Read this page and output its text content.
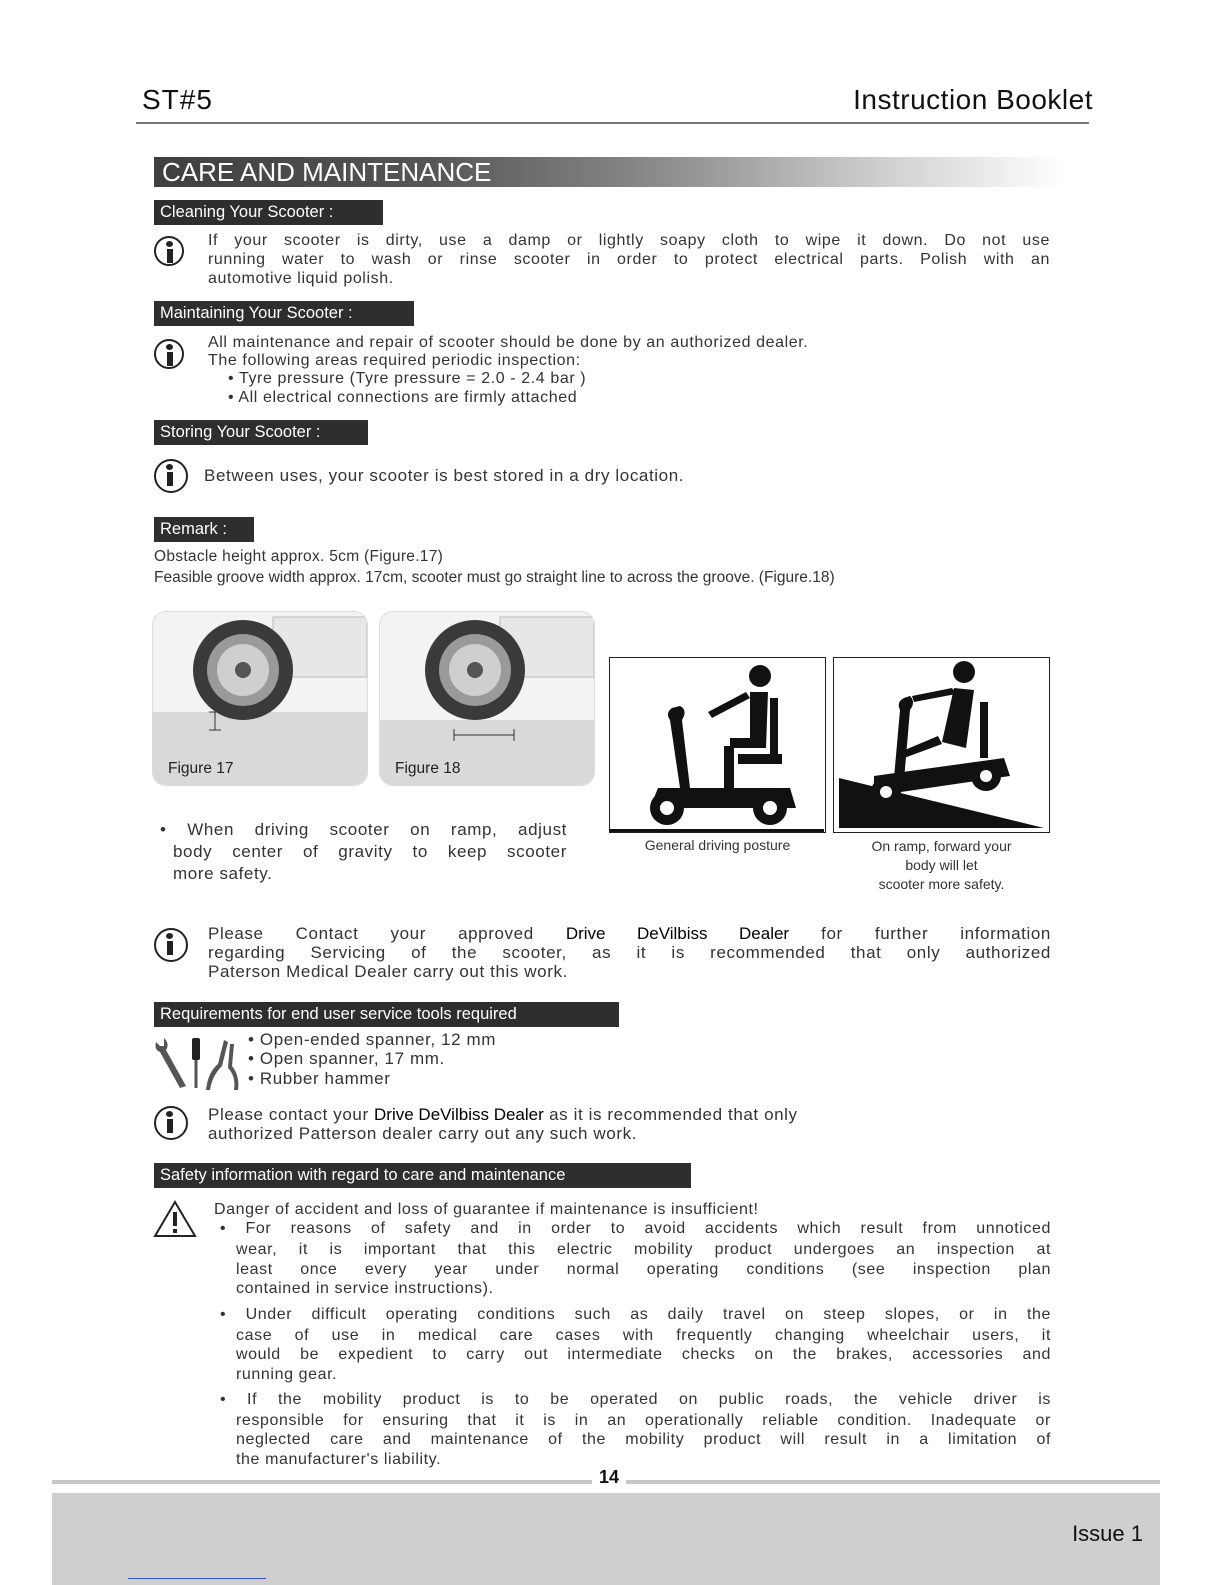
ST#5	Instruction Booklet
CARE AND MAINTENANCE
Cleaning Your Scooter :
If your scooter is dirty, use a damp or lightly soapy cloth to wipe it down. Do not use
running water to wash or rinse scooter in order to protect electrical parts. Polish with an
automotive liquid polish.
Maintaining Your Scooter :
All maintenance and repair of scooter should be done by an authorized dealer.
The following areas required periodic inspection:
• Tyre pressure (Tyre pressure = 2.0 - 2.4 bar )
• All electrical connections are firmly attached
Storing Your Scooter :
Between uses, your scooter is best stored in a dry location.
Remark :
Obstacle height approx. 5cm (Figure.17)
Feasible groove width approx. 17cm, scooter must go straight line to across the groove. (Figure.18)
Figure 17	Figure 18
General driving posture	On ramp, forward your
body will let
scooter more safety.
• When driving scooter on ramp, adjust
body center of gravity to keep scooter
more safety.
Please Contact your approved Drive DeVilbiss Dealer for further information
regarding Servicing of the scooter, as it is recommended that only authorized
Paterson Medical Dealer carry out this work.
Requirements for end user service tools required
• Open-ended spanner, 12 mm
• Open spanner, 17 mm.
• Rubber hammer
Please contact your Drive DeVilbiss Dealer as it is recommended that only
authorized Patterson dealer carry out any such work.
Safety information with regard to care and maintenance
Danger of accident and loss of guarantee if maintenance is insufficient!
• For reasons of safety and in order to avoid accidents which result from unnoticed
wear, it is important that this electric mobility product undergoes an inspection at
least once every year under normal operating conditions (see inspection plan
contained in service instructions).
• Under difficult operating conditions such as daily travel on steep slopes, or in the
case of use in medical care cases with frequently changing wheelchair users, it
would be expedient to carry out intermediate checks on the brakes, accessories and
running gear.
• If the mobility product is to be operated on public roads, the vehicle driver is
responsible for ensuring that it is in an operationally reliable condition. Inadequate or
neglected care and maintenance of the mobility product will result in a limitation of
the manufacturer's liability.
14
Issue 1
